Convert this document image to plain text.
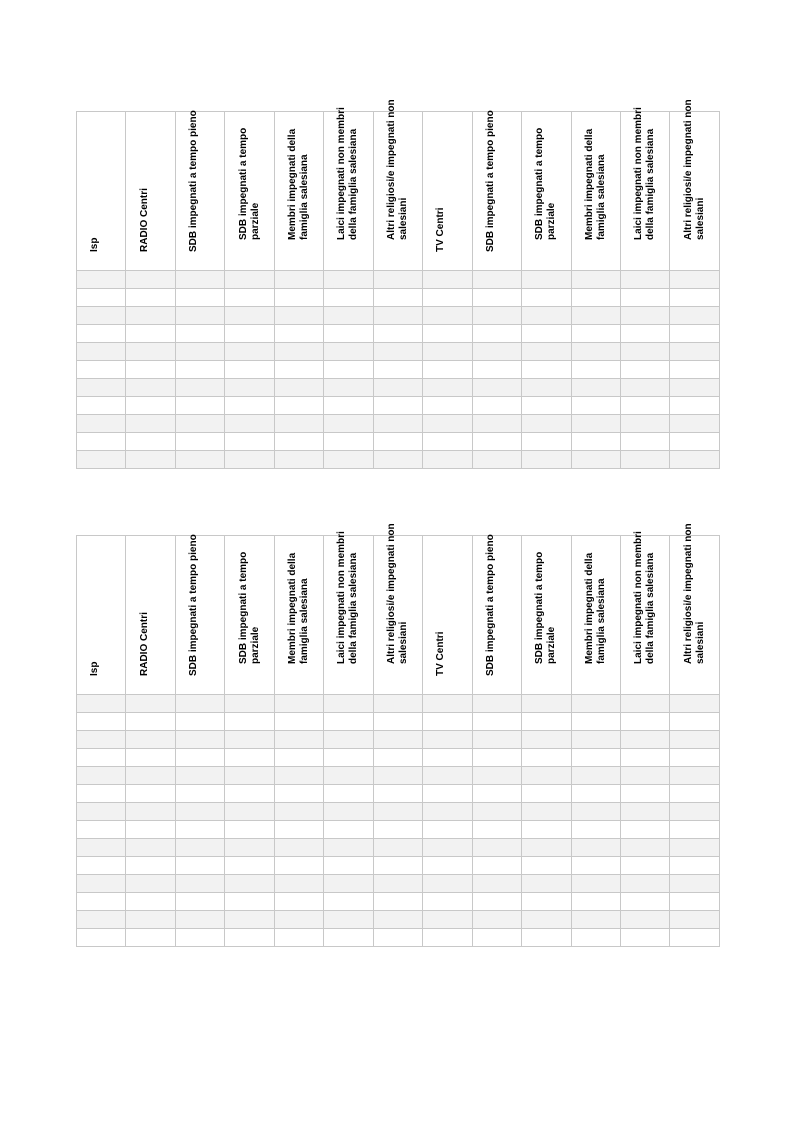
Isp	RADIO Centri	SDB impegnati a tempo pieno	SDB impegnati a tempo parziale	Membri impegnati della famiglia salesiana	Laici impegnati non membri della famiglia salesiana	Altri religiosi/e impegnati non salesiani	TV Centri	SDB impegnati a tempo pieno	SDB impegnati a tempo parziale	Membri impegnati della famiglia salesiana	Laici impegnati non membri della famiglia salesiana	Altri religiosi/e impegnati non salesiani

Isp	RADIO Centri	SDB impegnati a tempo pieno	SDB impegnati a tempo parziale	Membri impegnati della famiglia salesiana	Laici impegnati non membri della famiglia salesiana	Altri religiosi/e impegnati non salesiani	TV Centri	SDB impegnati a tempo pieno	SDB impegnati a tempo parziale	Membri impegnati della famiglia salesiana	Laici impegnati non membri della famiglia salesiana	Altri religiosi/e impegnati non salesiani
